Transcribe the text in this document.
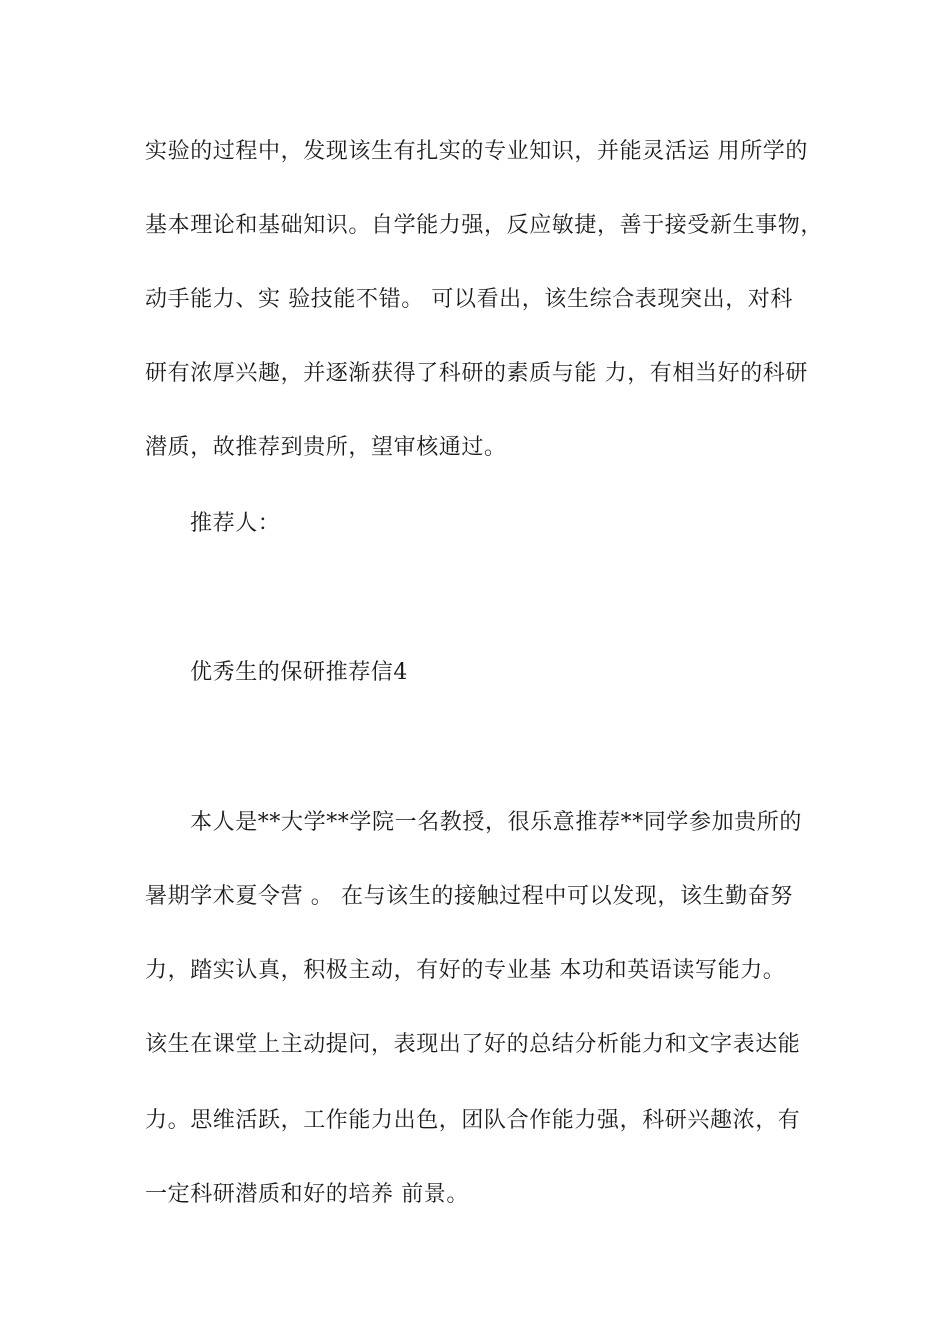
实验的过程中，发现该生有扎实的专业知识，并能灵活运 用所学的
基本理论和基础知识。自学能力强，反应敏捷，善于接受新生事物，
动手能力、实 验技能不错。 可以看出，该生综合表现突出，对科
研有浓厚兴趣，并逐渐获得了科研的素质与能 力，有相当好的科研
潜质，故推荐到贵所，望审核通过。
推荐人：
优秀生的保研推荐信4
本人是**大学**学院一名教授，很乐意推荐**同学参加贵所的
暑期学术夏令营 。 在与该生的接触过程中可以发现，该生勤奋努
力，踏实认真，积极主动，有好的专业基 本功和英语读写能力。
该生在课堂上主动提问，表现出了好的总结分析能力和文字表达能
力。思维活跃，工作能力出色，团队合作能力强，科研兴趣浓，有
一定科研潜质和好的培养 前景。
